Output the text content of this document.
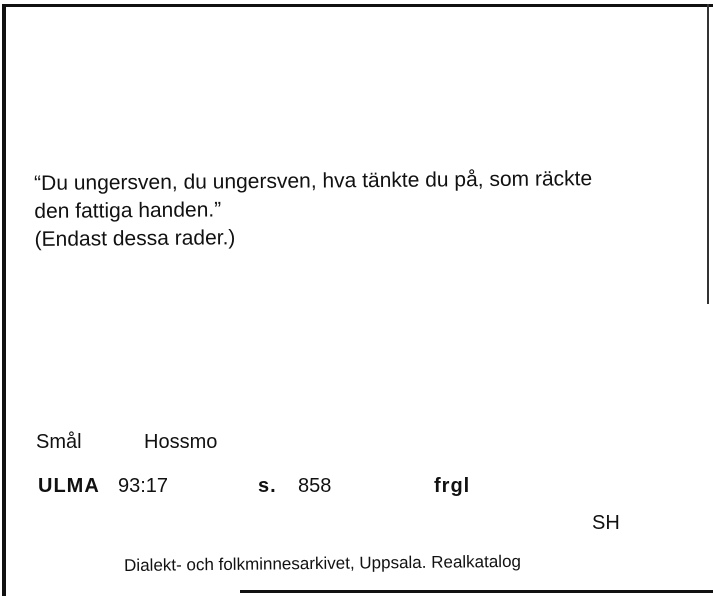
“Du ungersven, du ungersven, hva tänkte du på, som räckte
den fattiga handen.”
(Endast dessa rader.)
Smål	Hossmo
ULMA 93:17	s. 858	frgl
SH
Dialekt- och folkminnesarkivet, Uppsala. Realkatalog
